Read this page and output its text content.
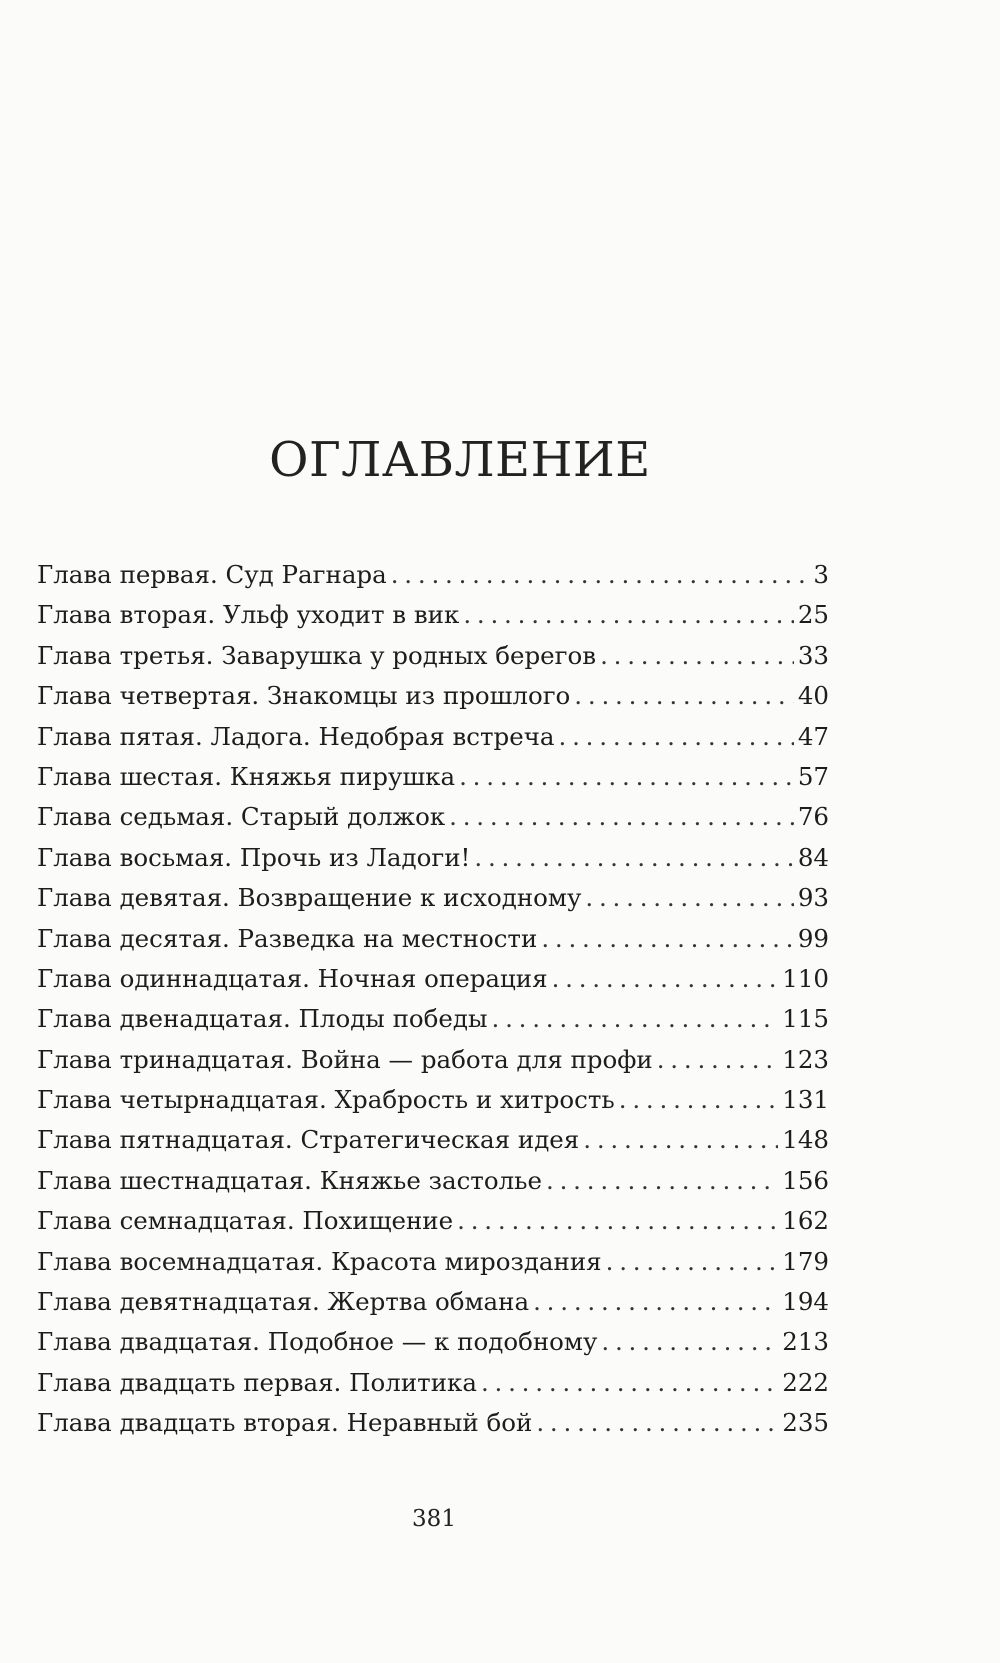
ОГЛАВЛЕНИЕ
Глава первая. Суд Рагнара . . .	3
Глава вторая. Ульф уходит в вик . . .	25
Глава третья. Заварушка у родных берегов . . .	33
Глава четвертая. Знакомцы из прошлого . . .	40
Глава пятая. Ладога. Недобрая встреча . . .	47
Глава шестая. Княжья пирушка . . .	57
Глава седьмая. Старый должок . . .	76
Глава восьмая. Прочь из Ладоги! . . .	84
Глава девятая. Возвращение к исходному . . .	93
Глава десятая. Разведка на местности . . .	99
Глава одиннадцатая. Ночная операция . . .	110
Глава двенадцатая. Плоды победы . . .	115
Глава тринадцатая. Война — работа для профи . . .	123
Глава четырнадцатая. Храбрость и хитрость . . .	131
Глава пятнадцатая. Стратегическая идея . . .	148
Глава шестнадцатая. Княжье застолье . . .	156
Глава семнадцатая. Похищение . . .	162
Глава восемнадцатая. Красота мироздания . . .	179
Глава девятнадцатая. Жертва обмана . . .	194
Глава двадцатая. Подобное — к подобному . . .	213
Глава двадцать первая. Политика . . .	222
Глава двадцать вторая. Неравный бой . . .	235
381
